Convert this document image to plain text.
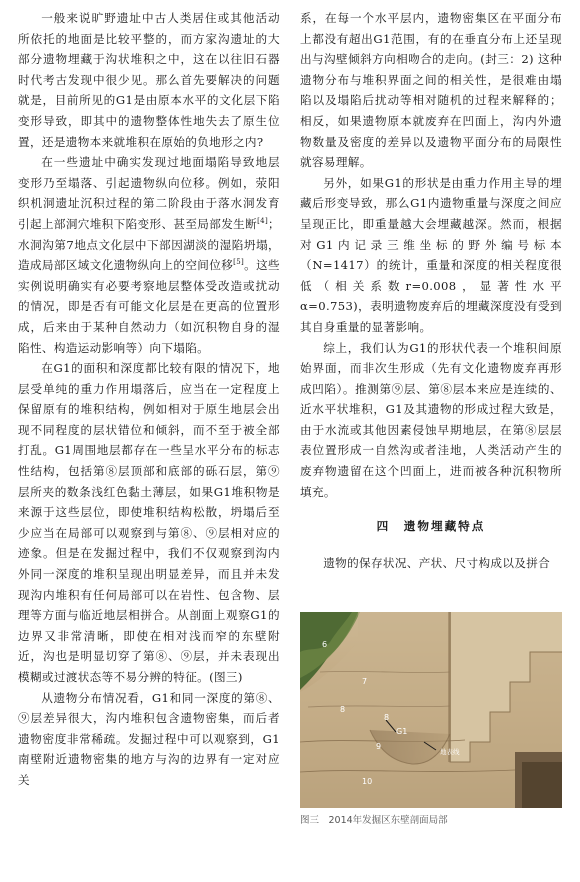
一般来说旷野遗址中古人类居住或其他活动所依托的地面是比较平整的，而方家沟遗址的大部分遗物埋藏于沟状堆积之中，这在以往旧石器时代考古发现中很少见。那么首先要解决的问题就是，目前所见的G1是由原本水平的文化层下陷变形导致，即其中的遗物整体性地失去了原生位置，还是遗物本来就堆积在原始的负地形之内?

在一些遗址中确实发现过地面塌陷导致地层变形乃至塌落、引起遗物纵向位移。例如，荥阳织机洞遗址沉积过程的第二阶段由于落水洞发育引起上部洞穴堆积下陷变形、甚至局部发生断[4]；水洞沟第7地点文化层中下部因湖淡的湿陷坍塌，造成局部区域文化遗物纵向上的空间位移[5]。这些实例说明确实有必要考察地层整体受改造或扰动的情况，即是否有可能文化层是在更高的位置形成，后来由于某种自然动力（如沉积物自身的湿陷性、构造运动影响等）向下塌陷。

在G1的面积和深度都比较有限的情况下，地层受单纯的重力作用塌落后，应当在一定程度上保留原有的堆积结构，例如相对于原生地层会出现不同程度的层状错位和倾斜，而不至于被全部打乱。G1周围地层都存在一些呈水平分布的标志性结构，包括第⑧层顶部和底部的砾石层，第⑨层所夹的数条浅红色黏土薄层，如果G1堆积物是来源于这些层位，即使堆积结构松散，坍塌后至少应当在局部可以观察到与第⑧、⑨层相对应的迹象。但是在发掘过程中，我们不仅观察到沟内外同一深度的堆积呈现出明显差异，而且并未发现沟内堆积有任何局部可以在岩性、包含物、层理等方面与临近地层相拼合。从剖面上观察G1的边界又非常清晰，即使在相对浅而窄的东壁附近，沟也是明显切穿了第⑧、⑨层，并未表现出模糊或过渡状态等不易分辨的特征。(图三)

从遗物分布情况看，G1和同一深度的第⑧、⑨层差异很大，沟内堆积包含遗物密集，而后者遗物密度非常稀疏。发掘过程中可以观察到，G1南壁附近遗物密集的地方与沟的边界有一定对应关

系，在每一个水平层内，遗物密集区在平面分布上都没有超出G1范围，有的在垂直分布上还呈现出与沟壁倾斜方向相吻合的走向。(封三：2) 这种遗物分布与堆积界面之间的相关性，是很难由塌陷以及塌陷后扰动等相对随机的过程来解释的；相反，如果遗物原本就废弃在凹面上，沟内外遗物数量及密度的差异以及遗物平面分布的局限性就容易理解。

另外，如果G1的形状是由重力作用主导的埋藏后形变导致，那么G1内遗物重量与深度之间应呈现正比，即重量越大会埋藏越深。然而，根据对G1内记录三维坐标的野外编号标本（N=1417）的统计，重量和深度的相关程度很低（相关系数r=0.008，显著性水平α=0.753)，表明遗物废弃后的埋藏深度没有受到其自身重量的显著影响。

综上，我们认为G1的形状代表一个堆积间原始界面，而非次生形成（先有文化遗物废弃再形成凹陷）。推测第⑨层、第⑧层本来应是连续的、近水平状堆积，G1及其遗物的形成过程大致是，由于水流或其他因素侵蚀早期地层，在第⑧层层表位置形成一自然沟或者洼地，人类活动产生的废弃物遗留在这个凹面上，进而被各种沉积物所填充。

四　遗物埋藏特点

遗物的保存状况、产状、尺寸构成以及拼合

6
7
8
8
9
10
G1
地表线
图三　2014年发掘区东壁剖面局部
